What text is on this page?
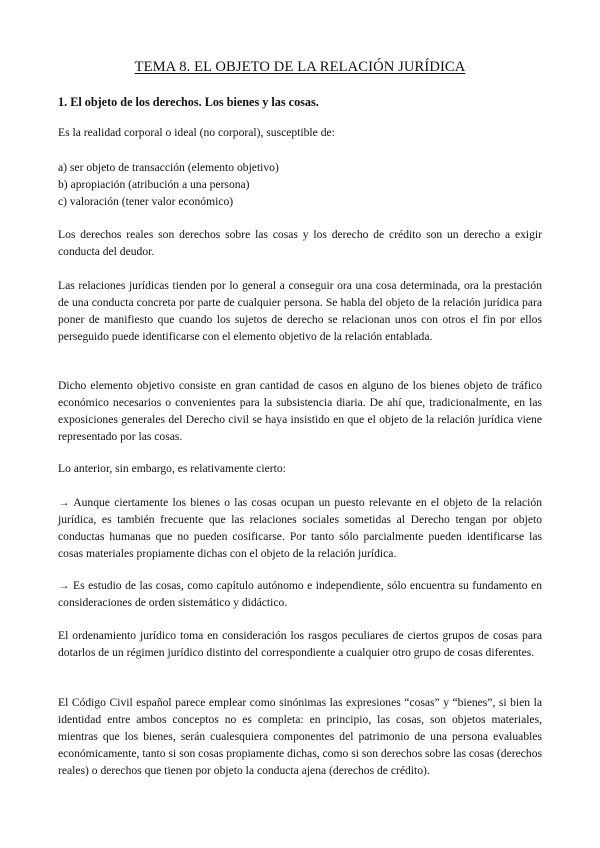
TEMA 8. EL OBJETO DE LA RELACIÓN JURÍDICA
1. El objeto de los derechos. Los bienes y las cosas.

Es la realidad corporal o ideal (no corporal), susceptible de:

a) ser objeto de transacción (elemento objetivo)
b) apropiación (atribución a una persona)
c) valoración (tener valor económico)

Los derechos reales son derechos sobre las cosas y los derecho de crédito son un derecho a exigir conducta del deudor.

Las relaciones jurídicas tienden por lo general a conseguir ora una cosa determinada, ora la prestación de una conducta concreta por parte de cualquier persona. Se habla del objeto de la relación jurídica para poner de manifiesto que cuando los sujetos de derecho se relacionan unos con otros el fin por ellos perseguido puede identificarse con el elemento objetivo de la relación entablada.

Dicho elemento objetivo consiste en gran cantidad de casos en alguno de los bienes objeto de tráfico económico necesarios o convenientes para la subsistencia diaria. De ahí que, tradicionalmente, en las exposiciones generales del Derecho civil se haya insistido en que el objeto de la relación jurídica viene representado por las cosas.

Lo anterior, sin embargo, es relativamente cierto:

→ Aunque ciertamente los bienes o las cosas ocupan un puesto relevante en el objeto de la relación jurídica, es también frecuente que las relaciones sociales sometidas al Derecho tengan por objeto conductas humanas que no pueden cosificarse. Por tanto sólo parcialmente pueden identificarse las cosas materiales propiamente dichas con el objeto de la relación jurídica.

→ Es estudio de las cosas, como capítulo autónomo e independiente, sólo encuentra su fundamento en consideraciones de orden sistemático y didáctico.

El ordenamiento jurídico toma en consideración los rasgos peculiares de ciertos grupos de cosas para dotarlos de un régimen jurídico distinto del correspondiente a cualquier otro grupo de cosas diferentes.

El Código Civil español parece emplear como sinónimas las expresiones “cosas” y “bienes”, si bien la identidad entre ambos conceptos no es completa: en principio, las cosas, son objetos materiales, mientras que los bienes, serán cualesquiera componentes del patrimonio de una persona evaluables económicamente, tanto si son cosas propiamente dichas, como si son derechos sobre las cosas (derechos reales) o derechos que tienen por objeto la conducta ajena (derechos de crédito).
